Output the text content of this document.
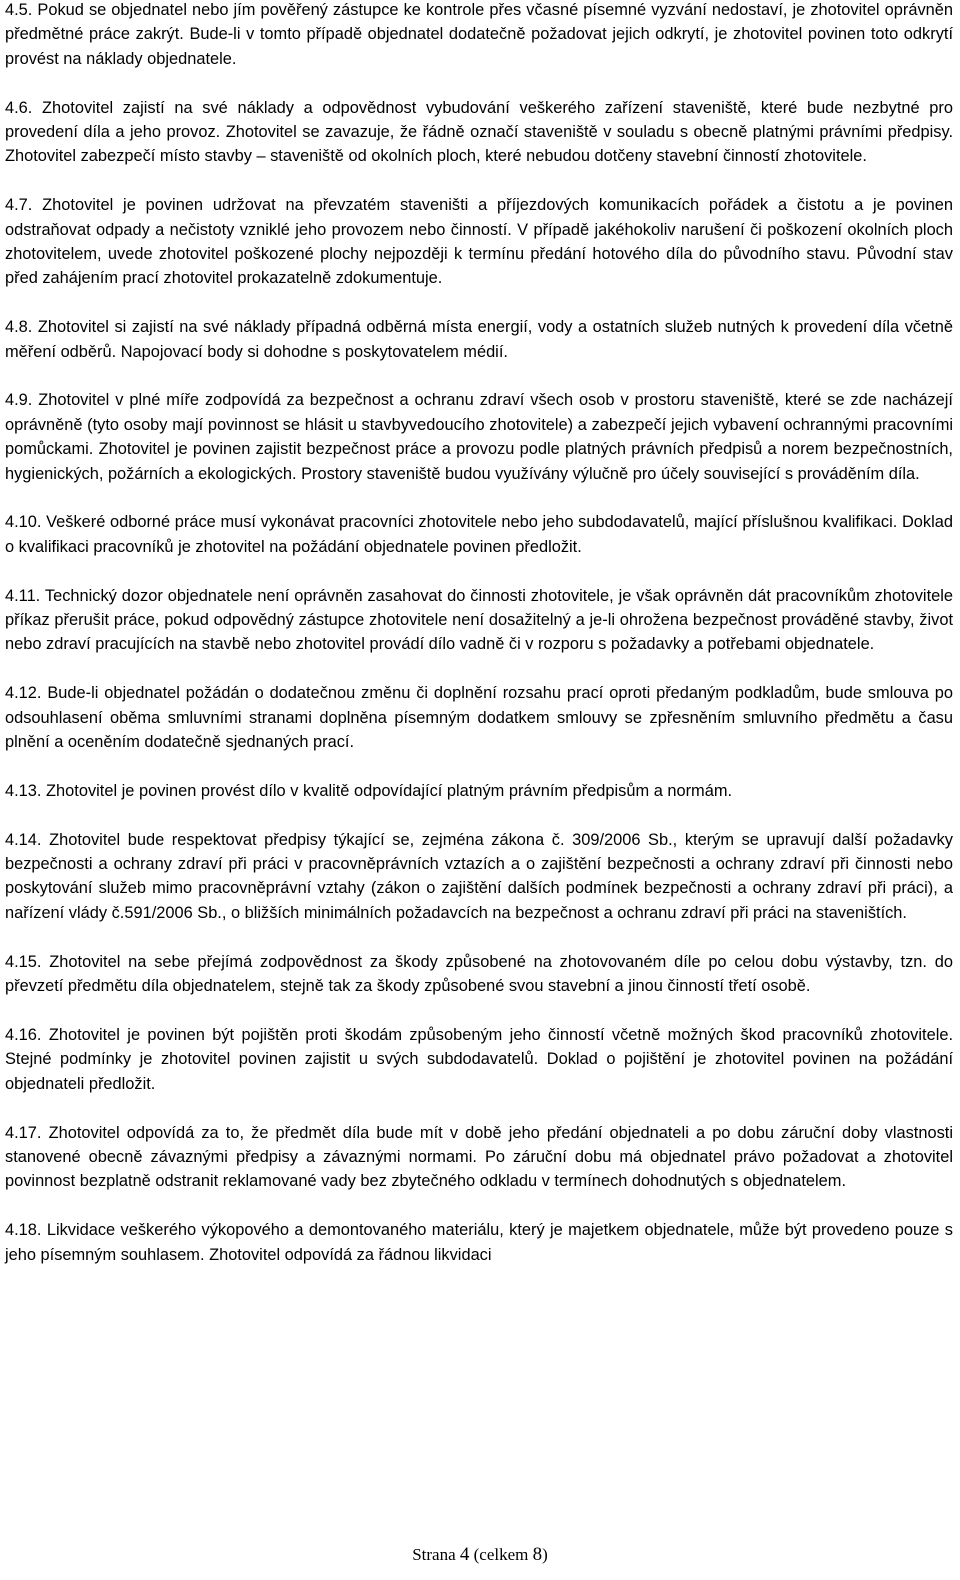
4.5. Pokud se objednatel nebo jím pověřený zástupce ke kontrole přes včasné písemné vyzvání nedostaví, je zhotovitel oprávněn předmětné práce zakrýt. Bude-li v tomto případě objednatel dodatečně požadovat jejich odkrytí, je zhotovitel povinen toto odkrytí provést na náklady objednatele.

4.6. Zhotovitel zajistí na své náklady a odpovědnost vybudování veškerého zařízení staveniště, které bude nezbytné pro provedení díla a jeho provoz. Zhotovitel se zavazuje, že řádně označí staveniště v souladu s obecně platnými právními předpisy. Zhotovitel zabezpečí místo stavby – staveniště od okolních ploch, které nebudou dotčeny stavební činností zhotovitele.

4.7. Zhotovitel je povinen udržovat na převzatém staveništi a příjezdových komunikacích pořádek a čistotu a je povinen odstraňovat odpady a nečistoty vzniklé jeho provozem nebo činností. V případě jakéhokoliv narušení či poškození okolních ploch zhotovitelem, uvede zhotovitel poškozené plochy nejpozději k termínu předání hotového díla do původního stavu. Původní stav před zahájením prací zhotovitel prokazatelně zdokumentuje.

4.8. Zhotovitel si zajistí na své náklady případná odběrná místa energií, vody a ostatních služeb nutných k provedení díla včetně měření odběrů. Napojovací body si dohodne s poskytovatelem médií.

4.9. Zhotovitel v plné míře zodpovídá za bezpečnost a ochranu zdraví všech osob v prostoru staveniště, které se zde nacházejí oprávněně (tyto osoby mají povinnost se hlásit u stavbyvedoucího zhotovitele) a zabezpečí jejich vybavení ochrannými pracovními pomůckami. Zhotovitel je povinen zajistit bezpečnost práce a provozu podle platných právních předpisů a norem bezpečnostních, hygienických, požárních a ekologických. Prostory staveniště budou využívány výlučně pro účely související s prováděním díla.

4.10. Veškeré odborné práce musí vykonávat pracovníci zhotovitele nebo jeho subdodavatelů, mající příslušnou kvalifikaci. Doklad o kvalifikaci pracovníků je zhotovitel na požádání objednatele povinen předložit.

4.11. Technický dozor objednatele není oprávněn zasahovat do činnosti zhotovitele, je však oprávněn dát pracovníkům zhotovitele příkaz přerušit práce, pokud odpovědný zástupce zhotovitele není dosažitelný a je-li ohrožena bezpečnost prováděné stavby, život nebo zdraví pracujících na stavbě nebo zhotovitel provádí dílo vadně či v rozporu s požadavky a potřebami objednatele.

4.12. Bude-li objednatel požádán o dodatečnou změnu či doplnění rozsahu prací oproti předaným podkladům, bude smlouva po odsouhlasení oběma smluvními stranami doplněna písemným dodatkem smlouvy se zpřesněním smluvního předmětu a času plnění a oceněním dodatečně sjednaných prací.

4.13. Zhotovitel je povinen provést dílo v kvalitě odpovídající platným právním předpisům a normám.

4.14. Zhotovitel bude respektovat předpisy týkající se, zejména zákona č. 309/2006 Sb., kterým se upravují další požadavky bezpečnosti a ochrany zdraví při práci v pracovněprávních vztazích a o zajištění bezpečnosti a ochrany zdraví při činnosti nebo poskytování služeb mimo pracovněprávní vztahy (zákon o zajištění dalších podmínek bezpečnosti a ochrany zdraví při práci), a nařízení vlády č.591/2006 Sb., o bližších minimálních požadavcích na bezpečnost a ochranu zdraví při práci na staveništích.

4.15. Zhotovitel na sebe přejímá zodpovědnost za škody způsobené na zhotovovaném díle po celou dobu výstavby, tzn. do převzetí předmětu díla objednatelem, stejně tak za škody způsobené svou stavební a jinou činností třetí osobě.

4.16. Zhotovitel je povinen být pojištěn proti škodám způsobeným jeho činností včetně možných škod pracovníků zhotovitele. Stejné podmínky je zhotovitel povinen zajistit u svých subdodavatelů. Doklad o pojištění je zhotovitel povinen na požádání objednateli předložit.

4.17. Zhotovitel odpovídá za to, že předmět díla bude mít v době jeho předání objednateli a po dobu záruční doby vlastnosti stanovené obecně závaznými předpisy a závaznými normami. Po záruční dobu má objednatel právo požadovat a zhotovitel povinnost bezplatně odstranit reklamované vady bez zbytečného odkladu v termínech dohodnutých s objednatelem.

4.18. Likvidace veškerého výkopového a demontovaného materiálu, který je majetkem objednatele, může být provedeno pouze s jeho písemným souhlasem. Zhotovitel odpovídá za řádnou likvidaci

Strana 4 (celkem 8)
